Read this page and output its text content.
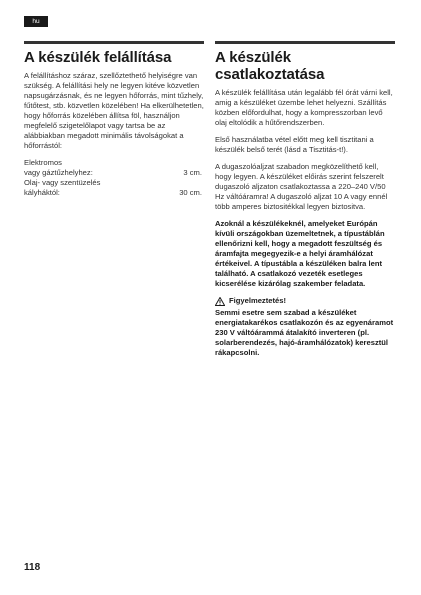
hu
A készülék felállítása

A felállításhoz száraz, szellőztethető helyiségre van szükség. A felállítási hely ne legyen kitéve közvetlen napsugárzásnak, és ne legyen hőforrás, mint tűzhely, fűtőtest, stb. közvetlen közelében! Ha elkerülhetetlen, hogy hőforrás közelében állítsa föl, használjon megfelelő szigetelőlapot vagy tartsa be az alábbiakban megadott minimális távolságokat a hőforrástól:

Elektromos
vagy gáztűzhelyhez:	3 cm.
Olaj- vagy szentüzelés
kályháktól:	30 cm.
A készülék csatlakoztatása

A készülék felállítása után legalább fél órát várni kell, amig a készüléket üzembe lehet helyezni. Szállítás közben előfordulhat, hogy a kompresszorban levő olaj eltolódik a hűtőrendszerben.

Első használatba vétel előtt meg kell tisztitani a készülék belső terét (lásd a Tisztitás-t!).

A dugaszolóaljzat szabadon megközelíthető kell, hogy legyen. A készüléket előirás szerint felszerelt dugaszoló aljzaton csatlakoztassa a 220–240 V/50 Hz váltóáramra! A dugaszoló aljzat 10 A vagy ennél több amperes biztositékkal legyen biztositva.

Azoknál a készülékeknél, amelyeket Európán kívüli országokban üzemeltetnek, a típustáblán ellenőrizni kell, hogy a megadott feszültség és áramfajta megegyezik-e a helyi áramhálózat értékeivel. A típustábla a készüléken balra lent található. A csatlakozó vezeték esetleges kicserélése kizárólag szakember feladata.

Figyelmeztetés!

Semmi esetre sem szabad a készüléket energiatakarékos csatlakozón és az egyenáramot 230 V váltóárammá átalakító inverteren (pl. solarberendezés, hajó-áramhálózatok) keresztül rákapcsolni.

118
